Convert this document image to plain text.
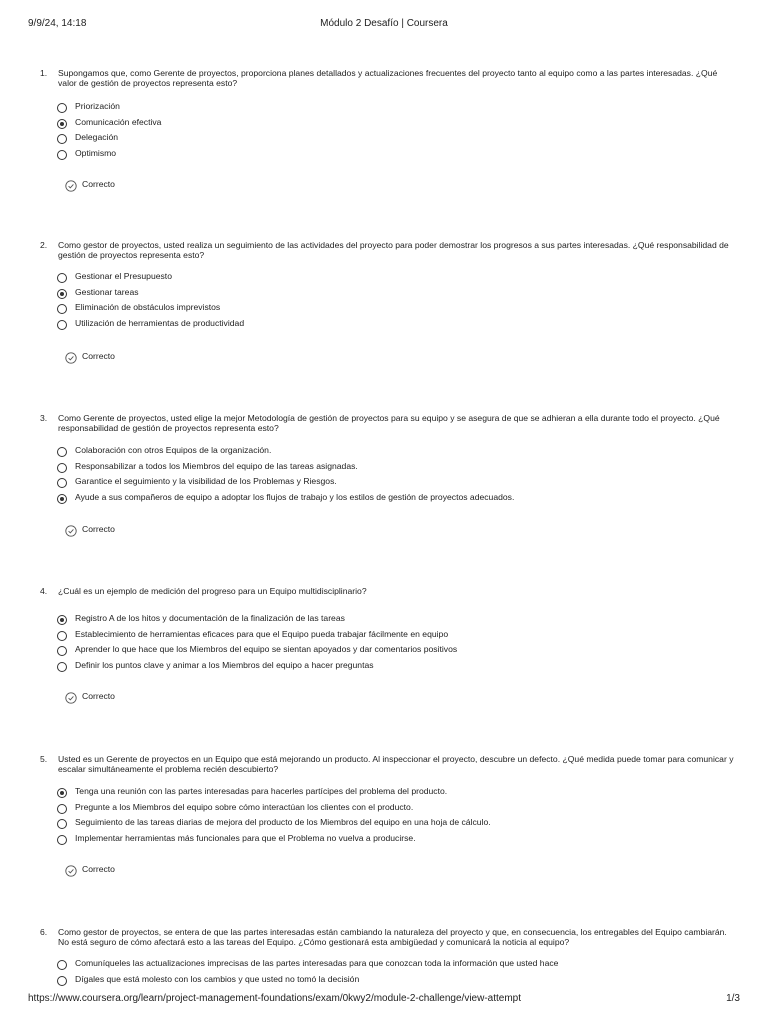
9/9/24, 14:18	Módulo 2 Desafío | Coursera
1.	Supongamos que, como Gerente de proyectos, proporciona planes detallados y actualizaciones frecuentes del proyecto tanto al equipo como a las partes interesadas. ¿Qué valor de gestión de proyectos representa esto?
Priorización
Comunicación efectiva
Delegación
Optimismo
Correcto
2.	Como gestor de proyectos, usted realiza un seguimiento de las actividades del proyecto para poder demostrar los progresos a sus partes interesadas. ¿Qué responsabilidad de gestión de proyectos representa esto?
Gestionar el Presupuesto
Gestionar tareas
Eliminación de obstáculos imprevistos
Utilización de herramientas de productividad
Correcto
3.	Como Gerente de proyectos, usted elige la mejor Metodología de gestión de proyectos para su equipo y se asegura de que se adhieran a ella durante todo el proyecto. ¿Qué responsabilidad de gestión de proyectos representa esto?
Colaboración con otros Equipos de la organización.
Responsabilizar a todos los Miembros del equipo de las tareas asignadas.
Garantice el seguimiento y la visibilidad de los Problemas y Riesgos.
Ayude a sus compañeros de equipo a adoptar los flujos de trabajo y los estilos de gestión de proyectos adecuados.
Correcto
4.	¿Cuál es un ejemplo de medición del progreso para un Equipo multidisciplinario?
Registro A de los hitos y documentación de la finalización de las tareas
Establecimiento de herramientas eficaces para que el Equipo pueda trabajar fácilmente en equipo
Aprender lo que hace que los Miembros del equipo se sientan apoyados y dar comentarios positivos
Definir los puntos clave y animar a los Miembros del equipo a hacer preguntas
Correcto
5.	Usted es un Gerente de proyectos en un Equipo que está mejorando un producto. Al inspeccionar el proyecto, descubre un defecto. ¿Qué medida puede tomar para comunicar y escalar simultáneamente el problema recién descubierto?
Tenga una reunión con las partes interesadas para hacerles partícipes del problema del producto.
Pregunte a los Miembros del equipo sobre cómo interactúan los clientes con el producto.
Seguimiento de las tareas diarias de mejora del producto de los Miembros del equipo en una hoja de cálculo.
Implementar herramientas más funcionales para que el Problema no vuelva a producirse.
Correcto
6.	Como gestor de proyectos, se entera de que las partes interesadas están cambiando la naturaleza del proyecto y que, en consecuencia, los entregables del Equipo cambiarán. No está seguro de cómo afectará esto a las tareas del Equipo. ¿Cómo gestionará esta ambigüedad y comunicará la noticia al equipo?
Comuníqueles las actualizaciones imprecisas de las partes interesadas para que conozcan toda la información que usted hace
Dígales que está molesto con los cambios y que usted no tomó la decisión
https://www.coursera.org/learn/project-management-foundations/exam/0kwy2/module-2-challenge/view-attempt	1/3
